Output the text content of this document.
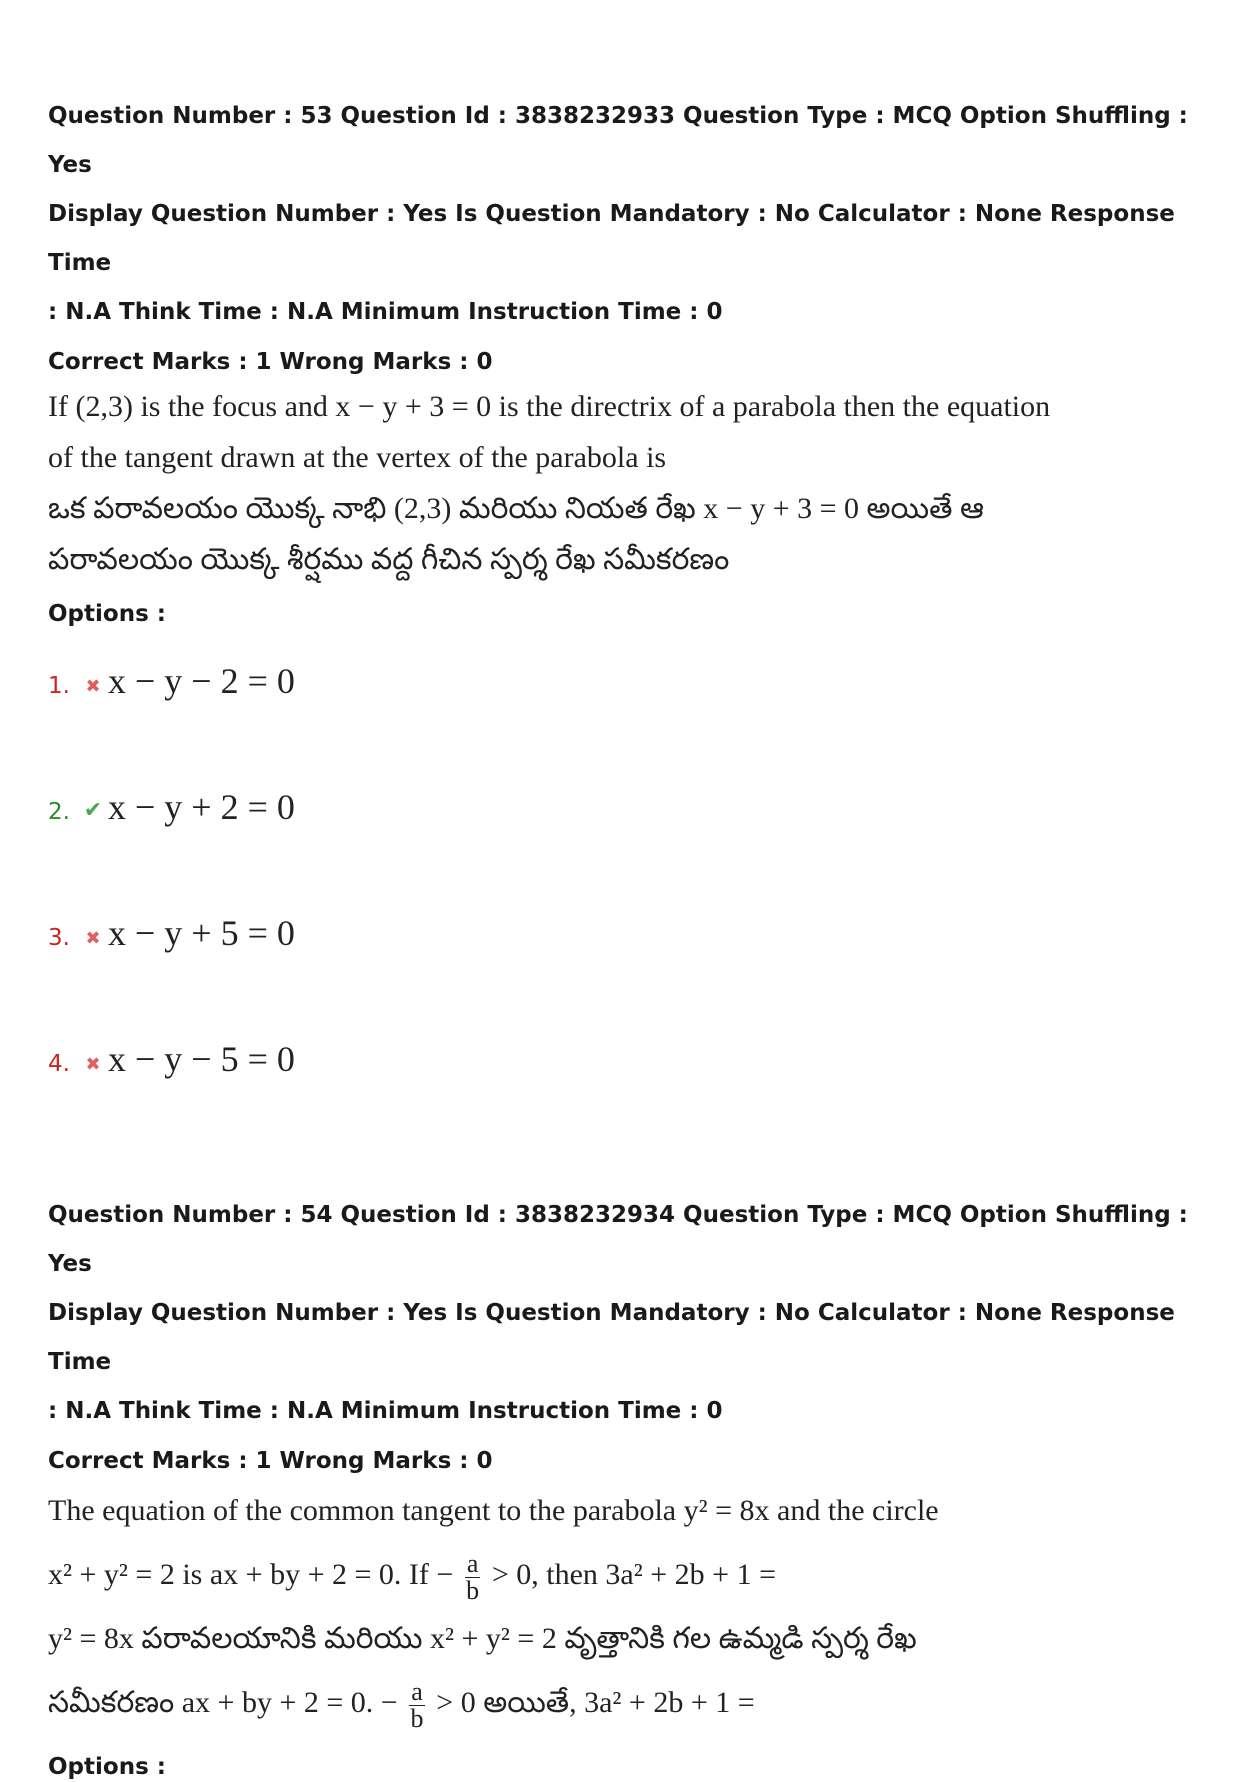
Question Number : 53 Question Id : 3838232933 Question Type : MCQ Option Shuffling : Yes

Display Question Number : Yes Is Question Mandatory : No Calculator : None Response Time

: N.A Think Time : N.A Minimum Instruction Time : 0

Correct Marks : 1 Wrong Marks : 0

If (2,3) is the focus and x − y + 3 = 0 is the directrix of a parabola then the equation
of the tangent drawn at the vertex of the parabola is
ఒక పరావలయం యొక్క నాభి (2,3) మరియు నియత రేఖ x − y + 3 = 0 అయితే ఆ
పరావలయం యొక్క శీర్షము వద్ద గీచిన స్పర్శ రేఖ సమీకరణం

Options :

1. ✖ x − y − 2 = 0
2. ✔ x − y + 2 = 0
3. ✖ x − y + 5 = 0
4. ✖ x − y − 5 = 0

Question Number : 54 Question Id : 3838232934 Question Type : MCQ Option Shuffling : Yes

Display Question Number : Yes Is Question Mandatory : No Calculator : None Response Time

: N.A Think Time : N.A Minimum Instruction Time : 0

Correct Marks : 1 Wrong Marks : 0

The equation of the common tangent to the parabola y² = 8x and the circle
x² + y² = 2 is ax + by + 2 = 0. $If - \frac{a}{b} > 0$, then 3a² + 2b + 1 =
y² = 8x పరావలయానికి మరియు x² + y² = 2 వృత్తానికి గల ఉమ్మడి స్పర్శ రేఖ
సమీకరణం ax + by + 2 = 0. − $\frac{a}{b} > 0$ అయితే, 3a² + 2b + 1 =

Options :
